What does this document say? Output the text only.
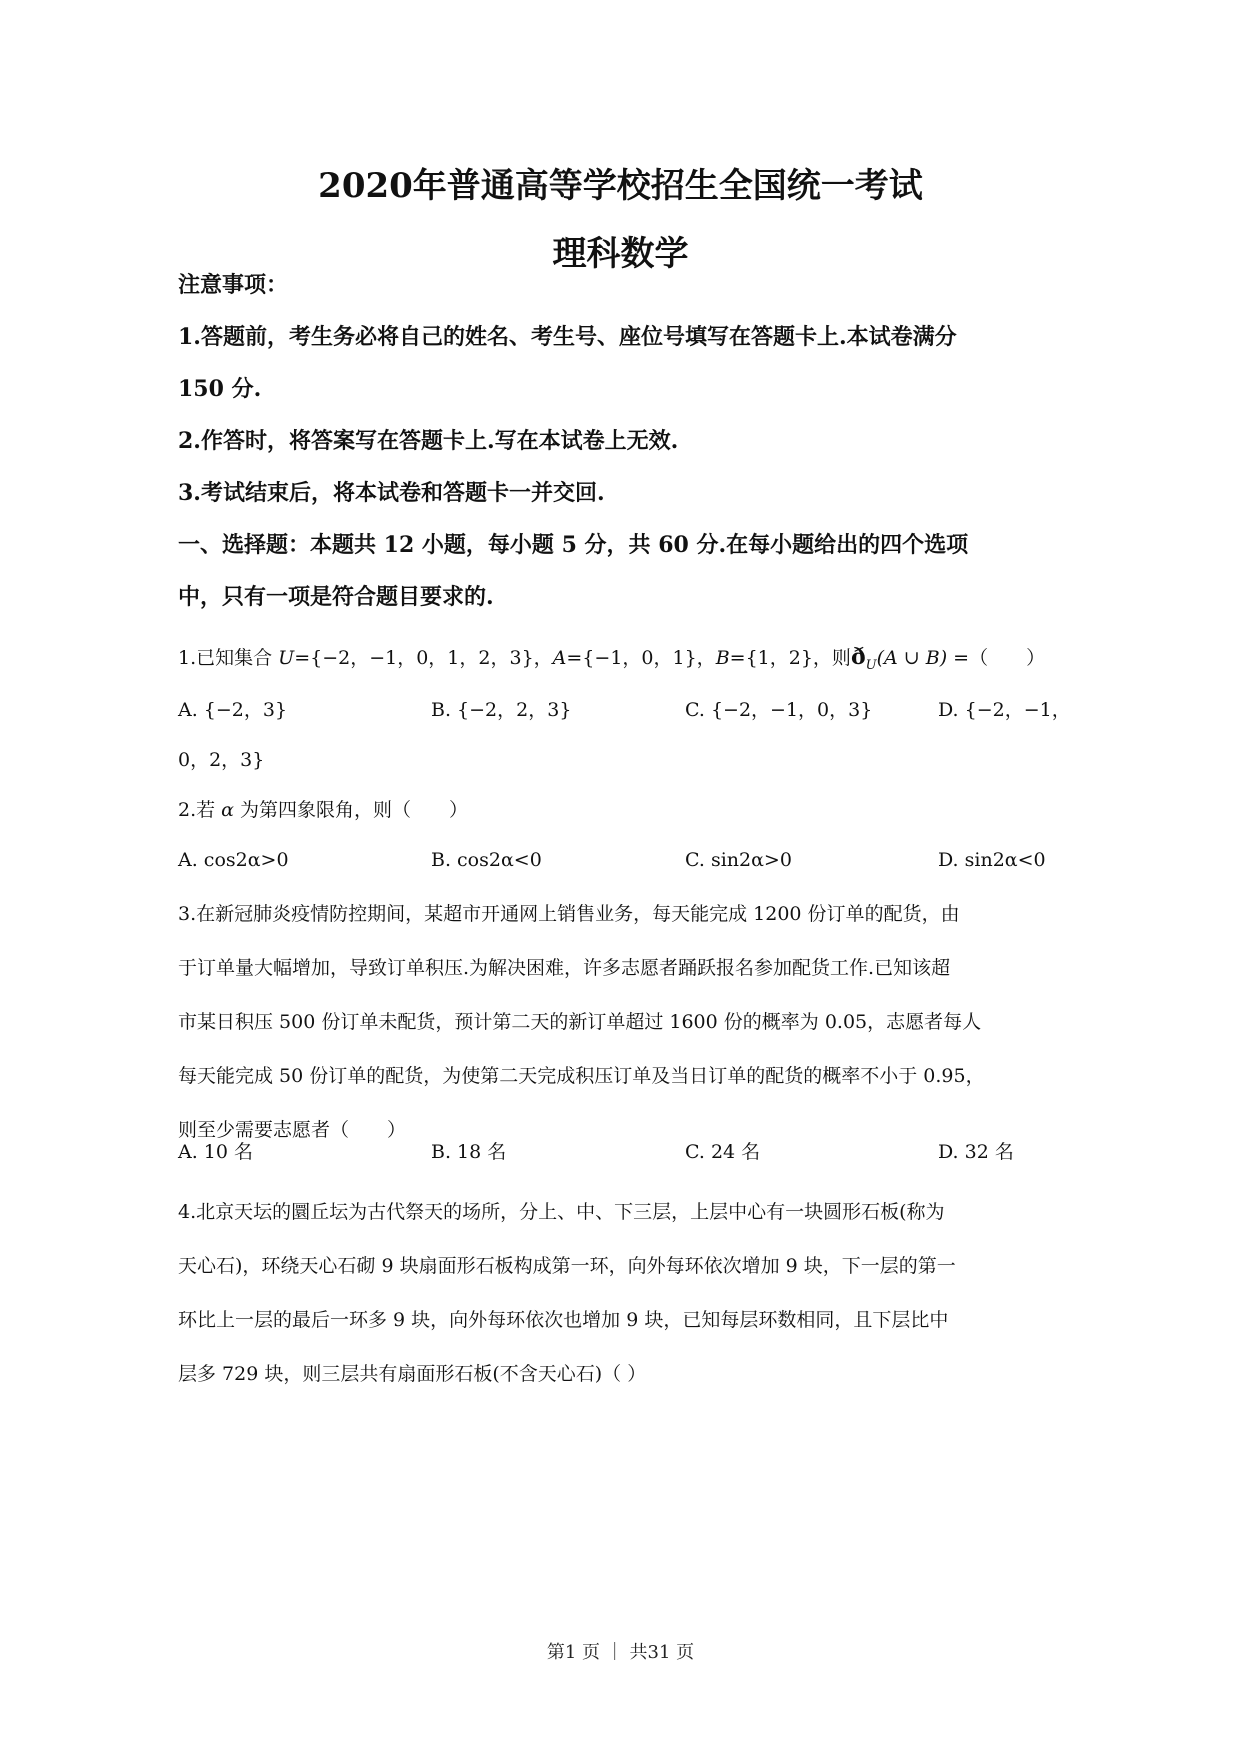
2020年普通高等学校招生全国统一考试
理科数学
注意事项：
1.答题前，考生务必将自己的姓名、考生号、座位号填写在答题卡上.本试卷满分
150 分.
2.作答时，将答案写在答题卡上.写在本试卷上无效.
3.考试结束后，将本试卷和答题卡一并交回.
一、选择题：本题共 12 小题，每小题 5 分，共 60 分.在每小题给出的四个选项
中，只有一项是符合题目要求的.
1.已知集合 U={−2，−1，0，1，2，3}，A={−1，0，1}，B={1，2}，则$ð_U(A$ ∪ B) =（　　）
A. {−2，3}	B. {−2，2，3}	C. {−2，−1，0，3}	D. {−2，−1，
0，2，3}
2.若 α 为第四象限角，则（　　）
A. cos2α>0	B. cos2α<0	C. sin2α>0	D. sin2α<0
3.在新冠肺炎疫情防控期间，某超市开通网上销售业务，每天能完成 1200 份订单的配货，由
于订单量大幅增加，导致订单积压.为解决困难，许多志愿者踊跃报名参加配货工作.已知该超
市某日积压 500 份订单未配货，预计第二天的新订单超过 1600 份的概率为 0.05，志愿者每人
每天能完成 50 份订单的配货，为使第二天完成积压订单及当日订单的配货的概率不小于 0.95，
则至少需要志愿者（　　）
A. 10 名	B. 18 名	C. 24 名	D. 32 名
4.北京天坛的圜丘坛为古代祭天的场所，分上、中、下三层，上层中心有一块圆形石板(称为
天心石)，环绕天心石砌 9 块扇面形石板构成第一环，向外每环依次增加 9 块，下一层的第一
环比上一层的最后一环多 9 块，向外每环依次也增加 9 块，已知每层环数相同，且下层比中
层多 729 块，则三层共有扇面形石板(不含天心石)（ ）
第1 页 ｜ 共31 页
